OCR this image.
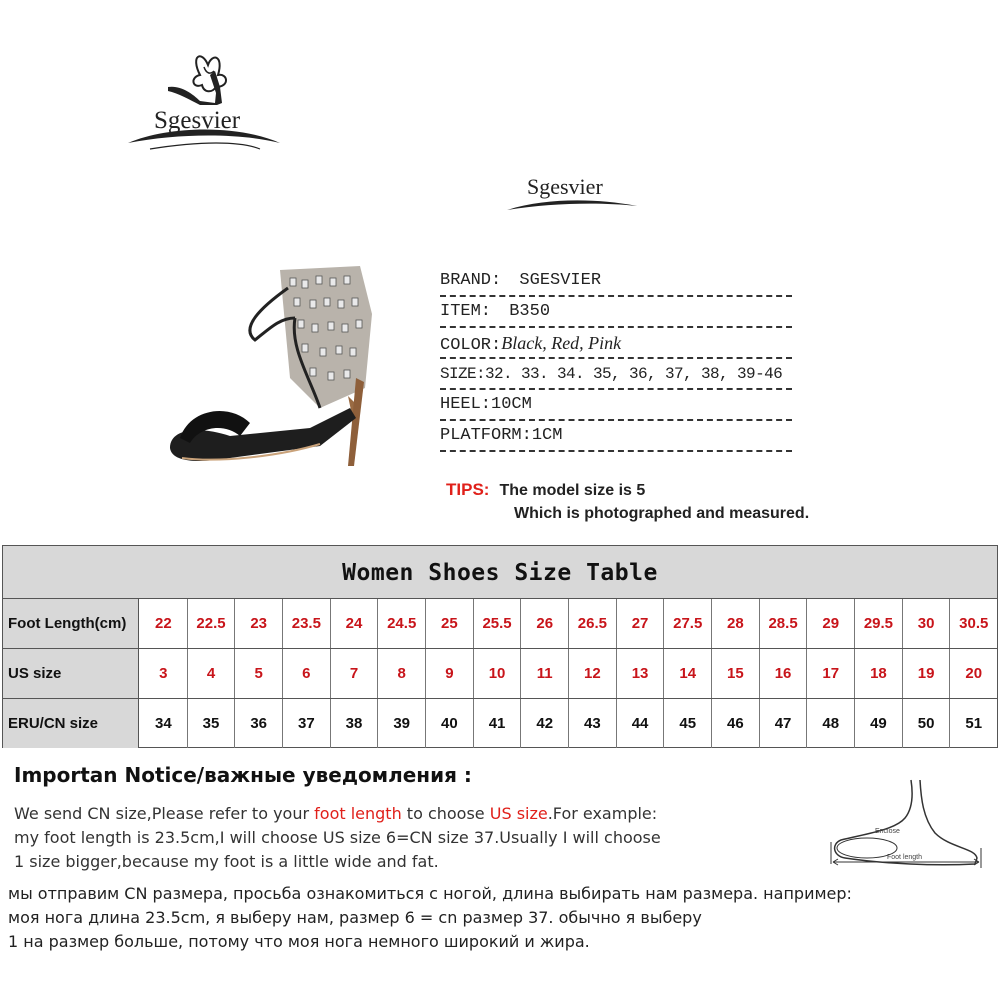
Sgesvier
Sgesvier
BRAND: SGESVIER
ITEM: B350
COLOR:Black, Red, Pink
SIZE:32. 33. 34. 35, 36, 37, 38, 39-46
HEEL:10CM
PLATFORM:1CM
TIPS: The model size is 5
Which is photographed and measured.
Women Shoes Size Table
Foot Length(cm)	22	22.5	23	23.5	24	24.5	25	25.5	26	26.5	27	27.5	28	28.5	29	29.5	30	30.5
US size	3	4	5	6	7	8	9	10	11	12	13	14	15	16	17	18	19	20
ERU/CN size	34	35	36	37	38	39	40	41	42	43	44	45	46	47	48	49	50	51
Importan Notice/важные уведомления :
We send CN size,Please refer to your foot length to choose US size.For example:
my foot length is 23.5cm,I will choose US size 6=CN size 37.Usually I will choose
1 size bigger,because my foot is a little wide and fat.
мы отправим CN размера, просьба ознакомиться с ногой, длина выбирать нам размера. например:
моя нога длина 23.5cm, я выберу нам, размер 6 = cn размер 37. обычно я выберу
1 на размер больше, потому что моя нога немного широкий и жира.
Enclose
Foot length
